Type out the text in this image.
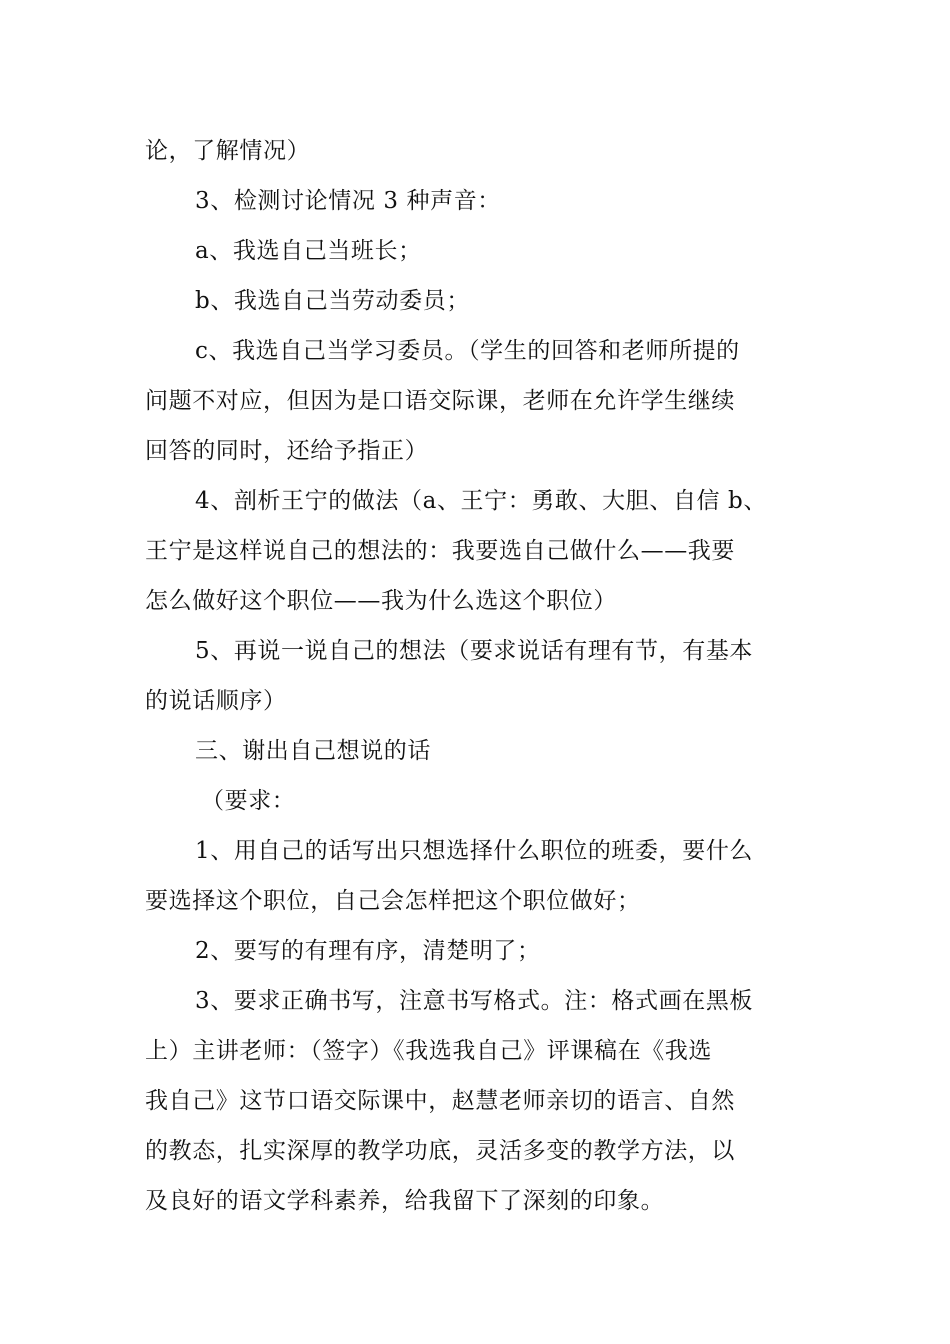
论，了解情况）
3、检测讨论情况 3 种声音：
a、我选自己当班长；
b、我选自己当劳动委员；
c、我选自己当学习委员。（学生的回答和老师所提的
问题不对应，但因为是口语交际课，老师在允许学生继续
回答的同时，还给予指正）
4、剖析王宁的做法（a、王宁：勇敢、大胆、自信 b、
王宁是这样说自己的想法的：我要选自己做什么——我要
怎么做好这个职位——我为什么选这个职位）
5、再说一说自己的想法（要求说话有理有节，有基本
的说话顺序）
三、谢出自己想说的话
（要求：
1、用自己的话写出只想选择什么职位的班委，要什么
要选择这个职位，自己会怎样把这个职位做好；
2、要写的有理有序，清楚明了；
3、要求正确书写，注意书写格式。注：格式画在黑板
上）主讲老师：（签字）《我选我自己》评课稿在《我选
我自己》这节口语交际课中，赵慧老师亲切的语言、自然
的教态，扎实深厚的教学功底，灵活多变的教学方法，以
及良好的语文学科素养，给我留下了深刻的印象。
